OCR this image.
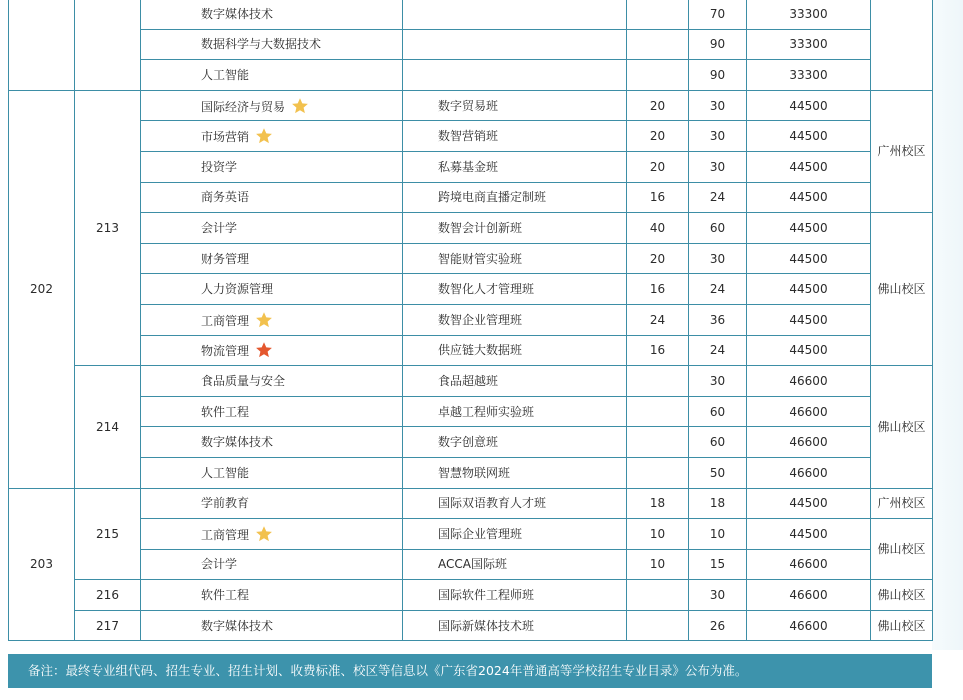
		数字媒体技术			70	33300	
		数据科学与大数据技术			90	33300	
		人工智能			90	33300	
202	213	国际经济与贸易	数字贸易班	20	30	44500	广州校区
		市场营销	数智营销班	20	30	44500	
		投资学	私募基金班	20	30	44500	
		商务英语	跨境电商直播定制班	16	24	44500	
		会计学	数智会计创新班	40	60	44500	佛山校区
		财务管理	智能财管实验班	20	30	44500	
		人力资源管理	数智化人才管理班	16	24	44500	
		工商管理	数智企业管理班	24	36	44500	
		物流管理	供应链大数据班	16	24	44500	
	214	食品质量与安全	食品超越班		30	46600	佛山校区
		软件工程	卓越工程师实验班		60	46600	
		数字媒体技术	数字创意班		60	46600	
		人工智能	智慧物联网班		50	46600	
203	215	学前教育	国际双语教育人才班	18	18	44500	广州校区
		工商管理	国际企业管理班	10	10	44500	佛山校区
		会计学	ACCA国际班	10	15	46600	
	216	软件工程	国际软件工程师班		30	46600	佛山校区
	217	数字媒体技术	国际新媒体技术班		26	46600	佛山校区
备注：最终专业组代码、招生专业、招生计划、收费标准、校区等信息以《广东省2024年普通高等学校招生专业目录》公布为准。
